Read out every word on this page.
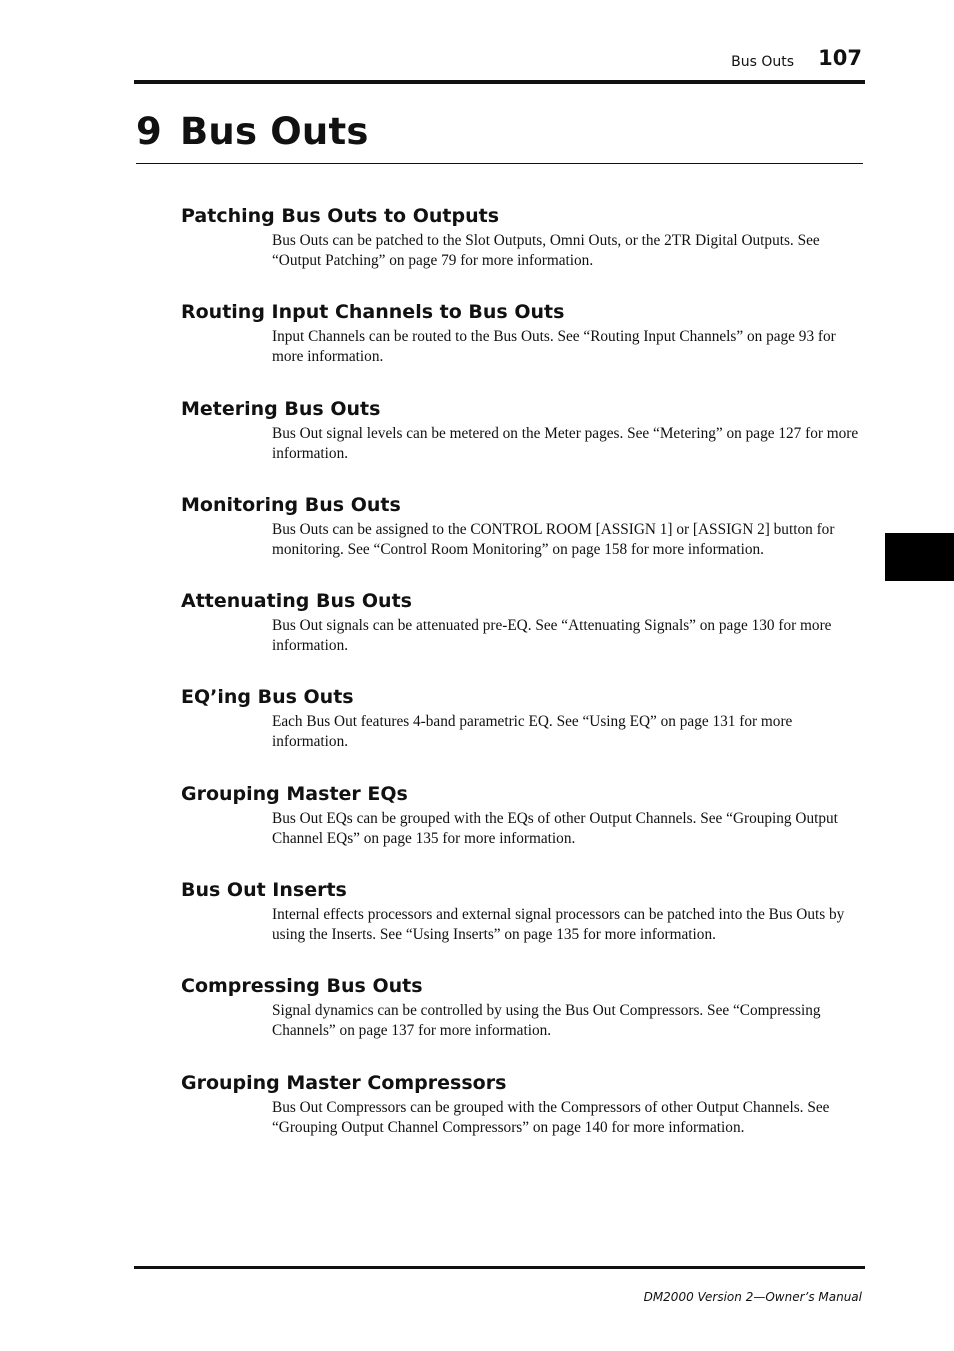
Bus Outs 107
9 Bus Outs
Patching Bus Outs to Outputs

Bus Outs can be patched to the Slot Outputs, Omni Outs, or the 2TR Digital Outputs. See “Output Patching” on page 79 for more information.

Routing Input Channels to Bus Outs

Input Channels can be routed to the Bus Outs. See “Routing Input Channels” on page 93 for more information.

Metering Bus Outs

Bus Out signal levels can be metered on the Meter pages. See “Metering” on page 127 for more information.

Monitoring Bus Outs

Bus Outs can be assigned to the CONTROL ROOM [ASSIGN 1] or [ASSIGN 2] button for monitoring. See “Control Room Monitoring” on page 158 for more information.

Attenuating Bus Outs

Bus Out signals can be attenuated pre-EQ. See “Attenuating Signals” on page 130 for more information.

EQ’ing Bus Outs

Each Bus Out features 4-band parametric EQ. See “Using EQ” on page 131 for more information.

Grouping Master EQs

Bus Out EQs can be grouped with the EQs of other Output Channels. See “Grouping Output Channel EQs” on page 135 for more information.

Bus Out Inserts

Internal effects processors and external signal processors can be patched into the Bus Outs by using the Inserts. See “Using Inserts” on page 135 for more information.

Compressing Bus Outs

Signal dynamics can be controlled by using the Bus Out Compressors. See “Compressing Channels” on page 137 for more information.

Grouping Master Compressors

Bus Out Compressors can be grouped with the Compressors of other Output Channels. See “Grouping Output Channel Compressors” on page 140 for more information.

DM2000 Version 2—Owner’s Manual
